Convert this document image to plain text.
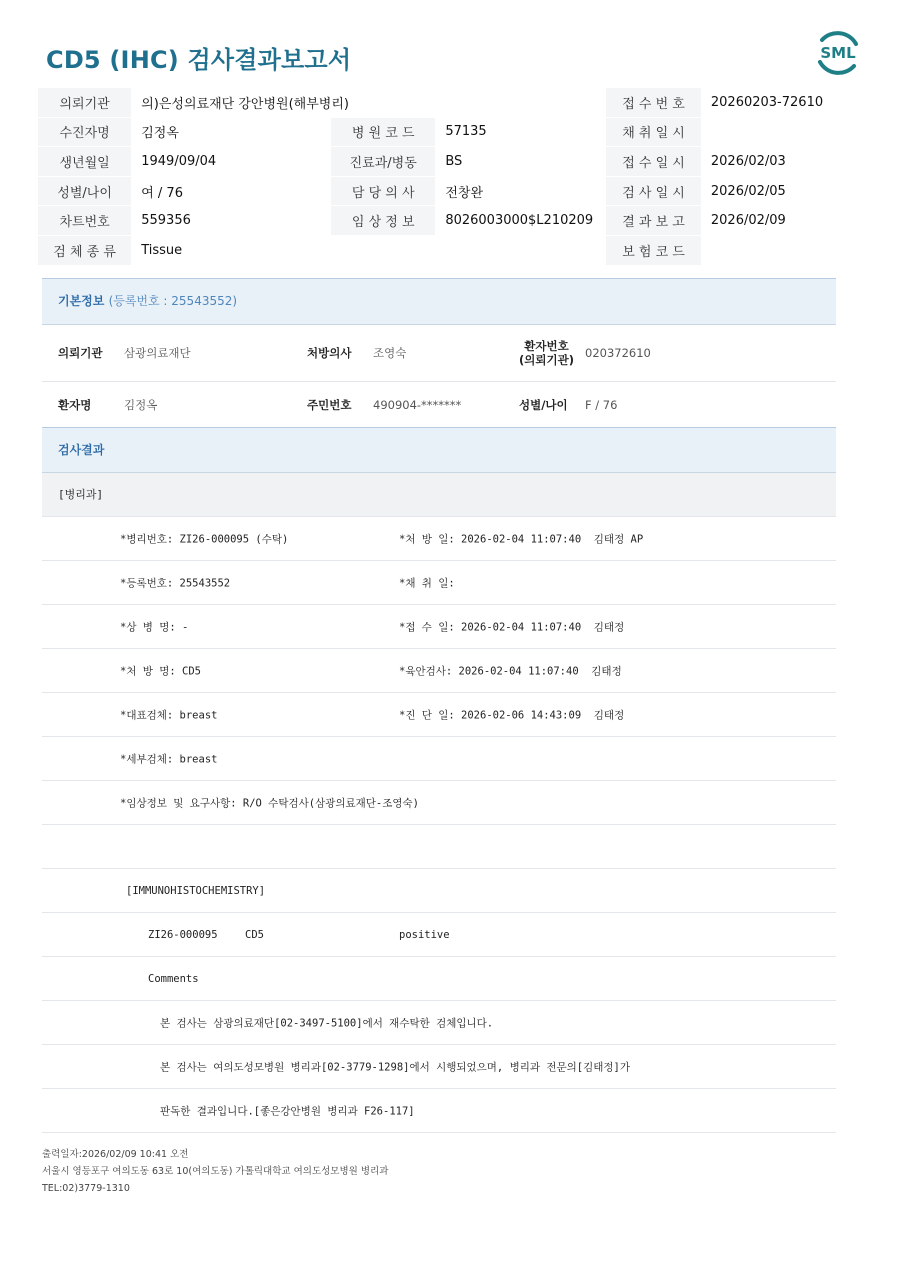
CD5 (IHC) 검사결과보고서	SML
의뢰기관	의)은성의료재단 강안병원(해부병리)			접 수 번 호	20260203-72610
수진자명	김정옥	병 원 코 드	57135	채 취 일 시	
생년월일	1949/09/04	진료과/병동	BS	접 수 일 시	2026/02/03
성별/나이	여 / 76	담 당 의 사	전창완	검 사 일 시	2026/02/05
차트번호	559356	임 상 정 보	8026003000$L210209	결 과 보 고	2026/02/09
검 체 종 류	Tissue			보 험 코 드	
기본정보 (등록번호 : 25543552)
의뢰기관 삼광의료재단	처방의사 조영숙	환자번호
(의뢰기관) 020372610
환자명	김정옥	주민번호 490904-*******	성별/나이 F / 76
검사결과
[병리과]
*병리번호: ZI26-000095 (수탁)	*처 방 일: 2026-02-04 11:07:40  김태정 AP
*등록번호: 25543552	*채 취 일:
*상 병 명: -	*접 수 일: 2026-02-04 11:07:40  김태정
*처 방 명: CD5	*육안검사: 2026-02-04 11:07:40  김태정
*대표검체: breast	*진 단 일: 2026-02-06 14:43:09  김태정
*세부검체: breast
*임상정보 및 요구사항: R/O 수탁검사(삼광의료재단-조영숙)
[IMMUNOHISTOCHEMISTRY]
ZI26-000095	CD5	positive
Comments
본 검사는 삼광의료재단[02-3497-5100]에서 재수탁한 검체입니다.
본 검사는 여의도성모병원 병리과[02-3779-1298]에서 시행되었으며, 병리과 전문의[김태정]가
판독한 결과입니다.[좋은강안병원 병리과 F26-117]
출력일자:2026/02/09 10:41 오전
서울시 영등포구 여의도동 63로 10(여의도동) 가톨릭대학교 여의도성모병원 병리과
TEL:02)3779-1310
